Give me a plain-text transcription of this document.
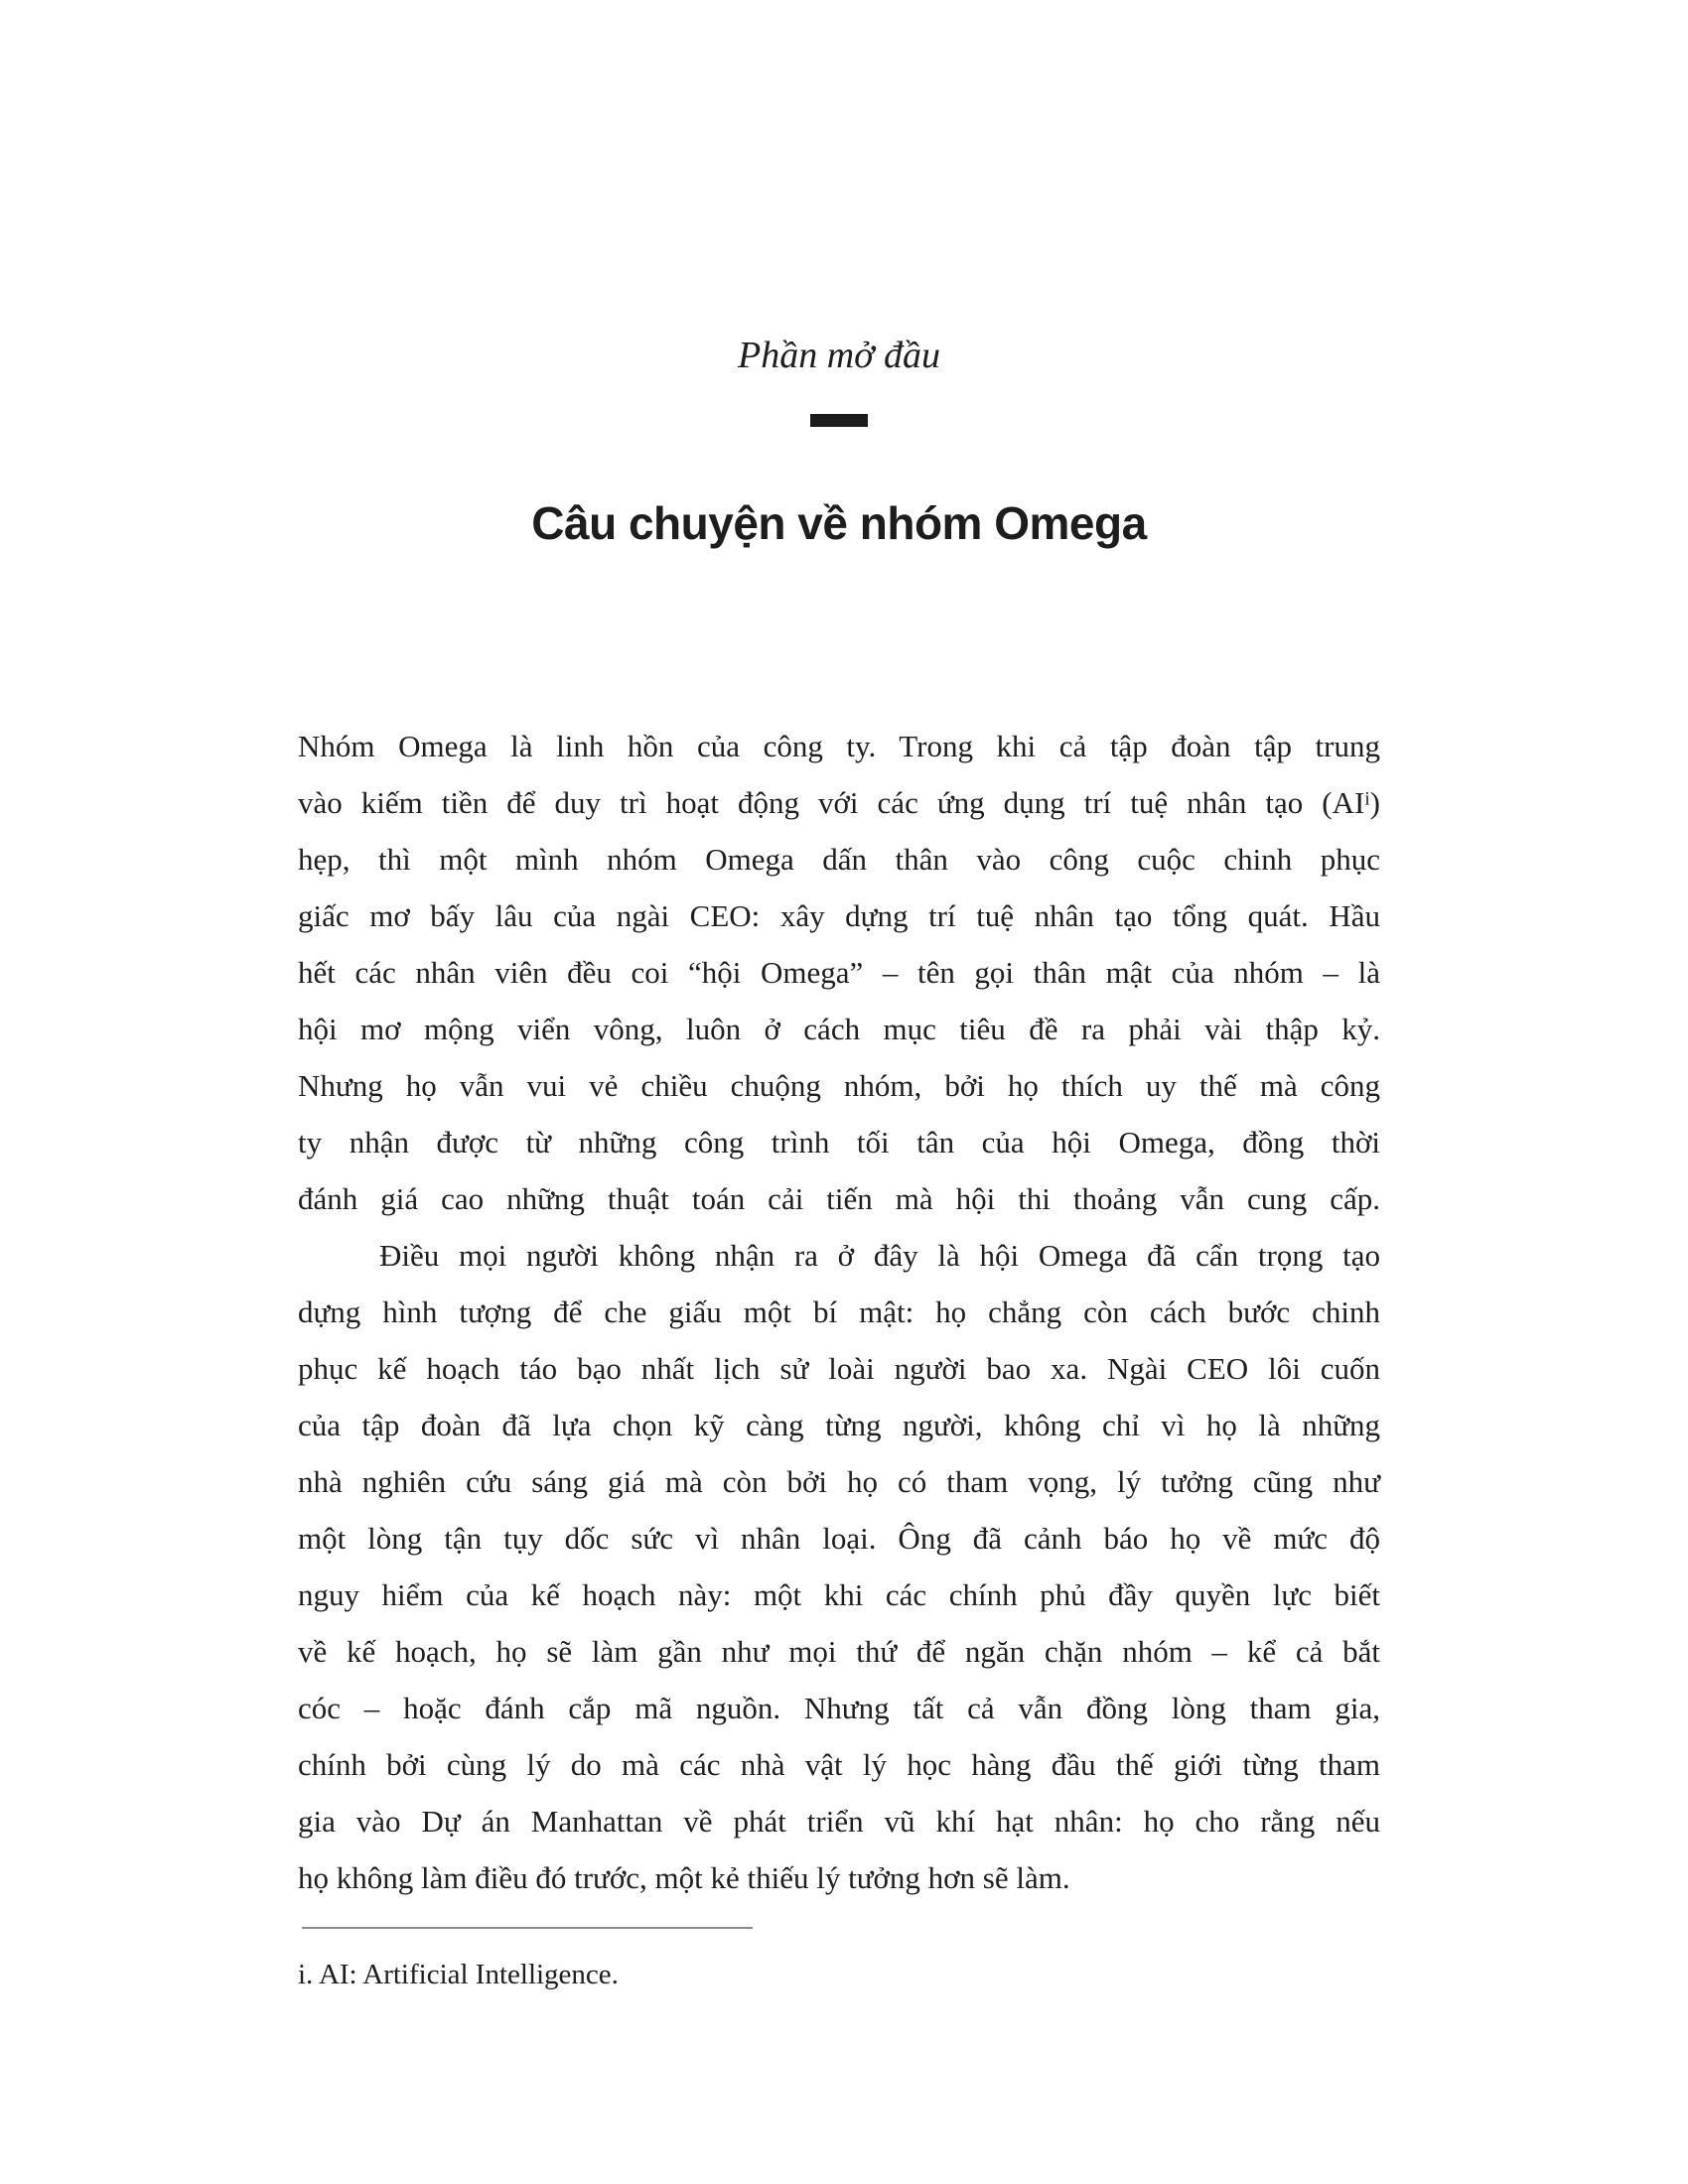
Phần mở đầu
Câu chuyện về nhóm Omega
Nhóm Omega là linh hồn của công ty. Trong khi cả tập đoàn tập trung
vào kiếm tiền để duy trì hoạt động với các ứng dụng trí tuệ nhân tạo $(AI^i)$
hẹp, thì một mình nhóm Omega dấn thân vào công cuộc chinh phục
giấc mơ bấy lâu của ngài CEO: xây dựng trí tuệ nhân tạo tổng quát. Hầu
hết các nhân viên đều coi “hội Omega” – tên gọi thân mật của nhóm – là
hội mơ mộng viển vông, luôn ở cách mục tiêu đề ra phải vài thập kỷ.
Nhưng họ vẫn vui vẻ chiều chuộng nhóm, bởi họ thích uy thế mà công
ty nhận được từ những công trình tối tân của hội Omega, đồng thời
đánh giá cao những thuật toán cải tiến mà hội thi thoảng vẫn cung cấp.
Điều mọi người không nhận ra ở đây là hội Omega đã cẩn trọng tạo
dựng hình tượng để che giấu một bí mật: họ chẳng còn cách bước chinh
phục kế hoạch táo bạo nhất lịch sử loài người bao xa. Ngài CEO lôi cuốn
của tập đoàn đã lựa chọn kỹ càng từng người, không chỉ vì họ là những
nhà nghiên cứu sáng giá mà còn bởi họ có tham vọng, lý tưởng cũng như
một lòng tận tụy dốc sức vì nhân loại. Ông đã cảnh báo họ về mức độ
nguy hiểm của kế hoạch này: một khi các chính phủ đầy quyền lực biết
về kế hoạch, họ sẽ làm gần như mọi thứ để ngăn chặn nhóm – kể cả bắt
cóc – hoặc đánh cắp mã nguồn. Nhưng tất cả vẫn đồng lòng tham gia,
chính bởi cùng lý do mà các nhà vật lý học hàng đầu thế giới từng tham
gia vào Dự án Manhattan về phát triển vũ khí hạt nhân: họ cho rằng nếu
họ không làm điều đó trước, một kẻ thiếu lý tưởng hơn sẽ làm.
i. AI: Artificial Intelligence.
